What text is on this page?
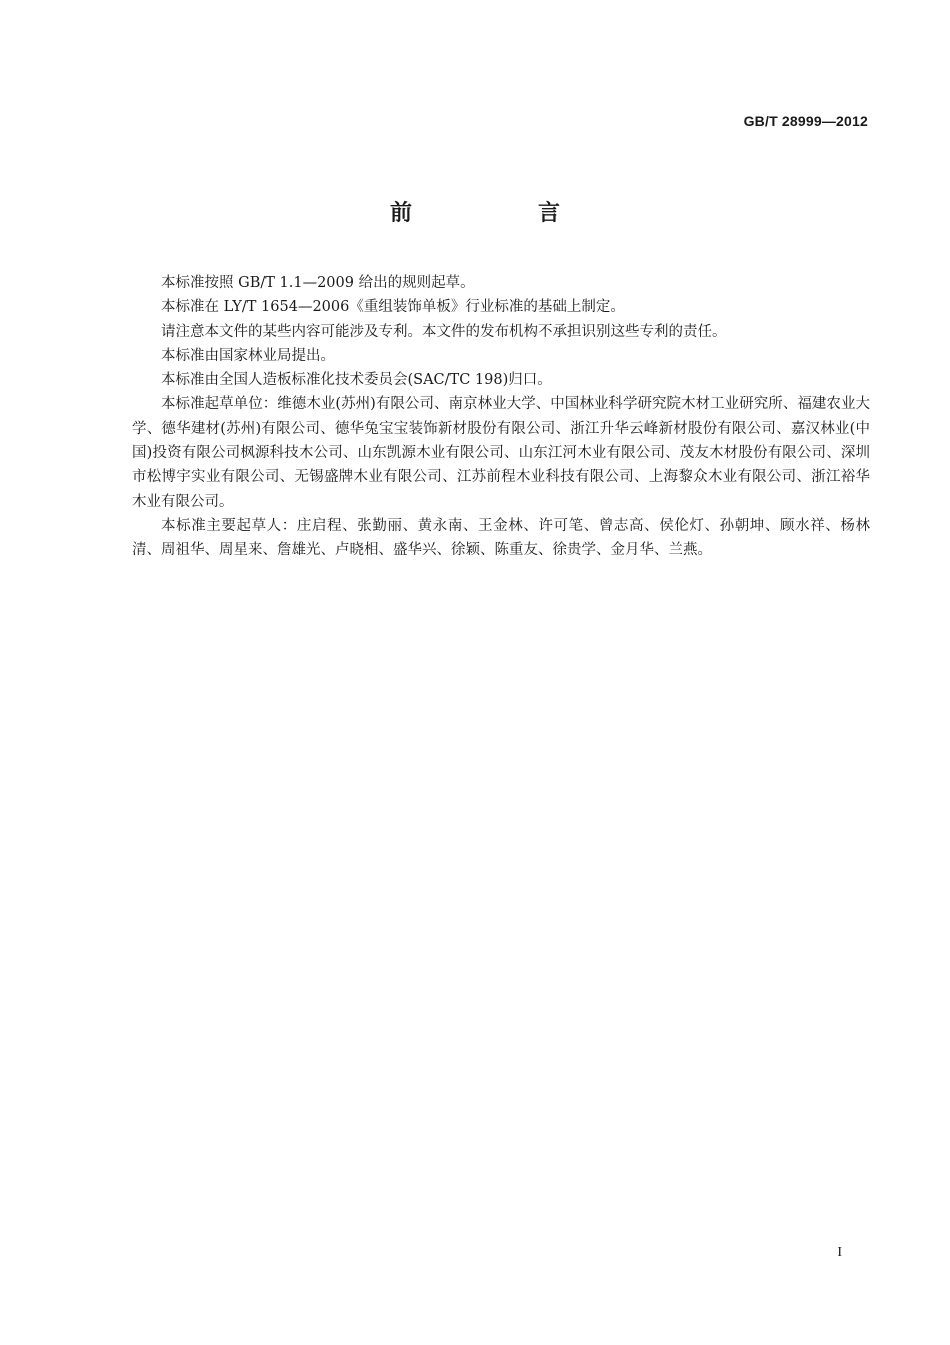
GB/T 28999—2012
前　言

本标准按照 GB/T 1.1—2009 给出的规则起草。

本标准在 LY/T 1654—2006《重组装饰单板》行业标准的基础上制定。

请注意本文件的某些内容可能涉及专利。本文件的发布机构不承担识别这些专利的责任。

本标准由国家林业局提出。

本标准由全国人造板标准化技术委员会(SAC/TC 198)归口。

本标准起草单位：维德木业(苏州)有限公司、南京林业大学、中国林业科学研究院木材工业研究所、福建农业大学、德华建材(苏州)有限公司、德华兔宝宝装饰新材股份有限公司、浙江升华云峰新材股份有限公司、嘉汉林业(中国)投资有限公司枫源科技木公司、山东凯源木业有限公司、山东江河木业有限公司、茂友木材股份有限公司、深圳市松博宇实业有限公司、无锡盛牌木业有限公司、江苏前程木业科技有限公司、上海黎众木业有限公司、浙江裕华木业有限公司。

本标准主要起草人：庄启程、张勤丽、黄永南、王金林、许可笔、曾志高、侯伦灯、孙朝坤、顾水祥、杨林清、周祖华、周星来、詹雄光、卢晓相、盛华兴、徐颖、陈重友、徐贵学、金月华、兰燕。

I
